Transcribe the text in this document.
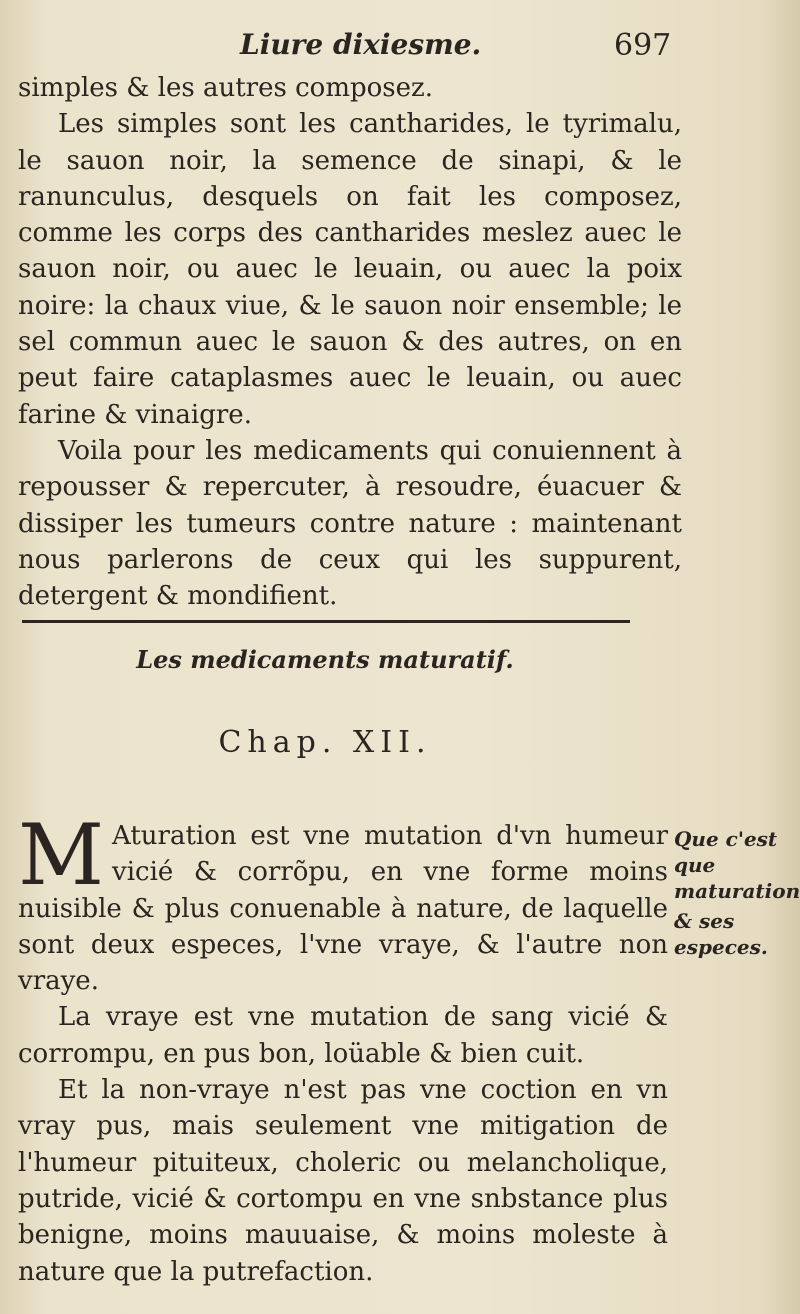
Liure dixiesme.	697

simples & les autres composez.

Les simples sont les cantharides, le tyrimalu, le sauon noir, la semence de sinapi, & le ranunculus, desquels on fait les composez, comme les corps des cantharides meslez auec le sauon noir, ou auec le leuain, ou auec la poix noire: la chaux viue, & le sauon noir ensemble; le sel commun auec le sauon & des autres, on en peut faire cataplasmes auec le leuain, ou auec farine & vinaigre.

Voila pour les medicaments qui conuiennent à repousser & repercuter, à resoudre, éuacuer & dissiper les tumeurs contre nature : maintenant nous parlerons de ceux qui les suppurent, detergent & mondifient.

Les medicaments maturatif.
Chap. XII.

M Aturation est vne mutation d'vn humeur vicié & corrõpu, en vne forme moins nuisible & plus conuenable à nature, de laquelle sont deux especes, l'vne vraye, & l'autre non vraye.

La vraye est vne mutation de sang vicié & corrompu, en pus bon, loüable & bien cuit.

Et la non-vraye n'est pas vne coction en vn vray pus, mais seulement vne mitigation de l'humeur pituiteux, choleric ou melancholique, putride, vicié & cortompu en vne snbstance plus benigne, moins mauuaise, & moins moleste à nature que la putrefaction.

Que c'est que maturation

& ses especes.
